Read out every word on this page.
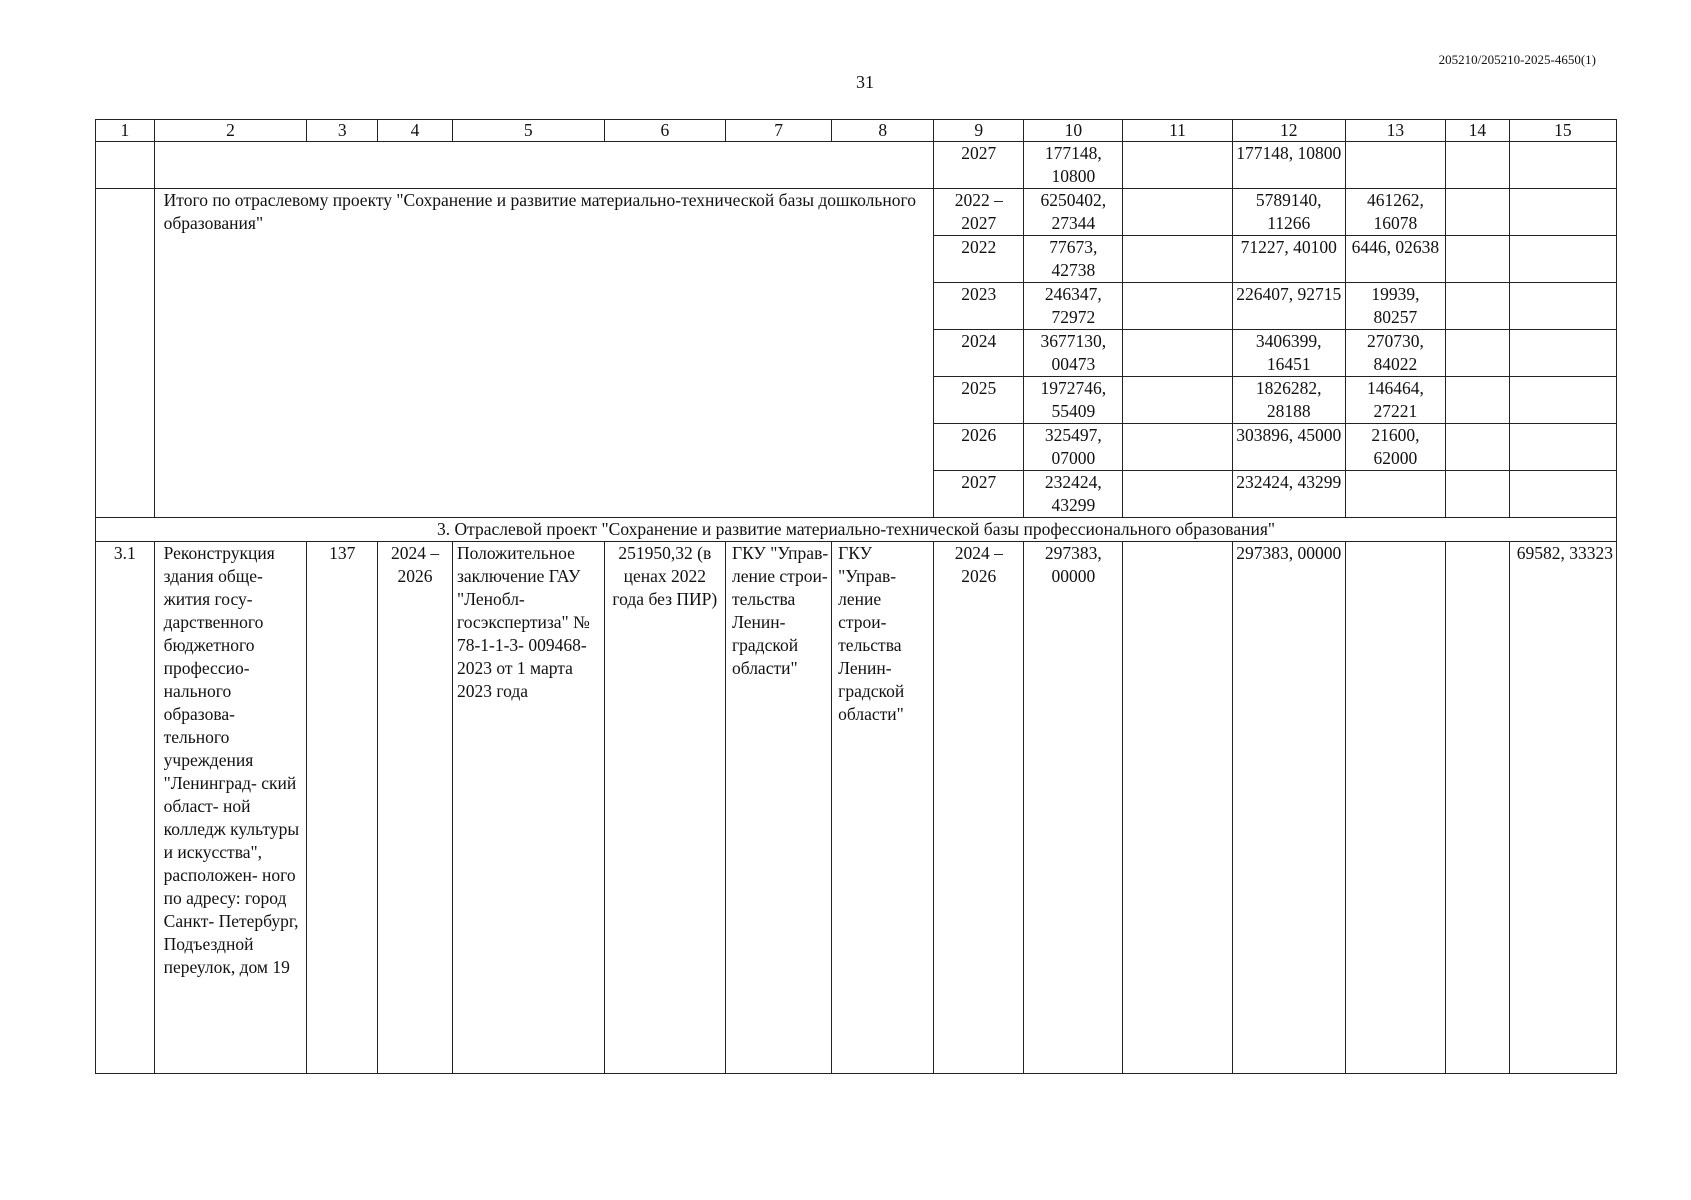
205210/205210-2025-4650(1)
31
1	2	3	4	5	6	7	8	9	10	11	12	13	14	15
								2027	177148, 10800		177148, 10800			
	Итого по отраслевому проекту "Сохранение и развитие материально-технической базы дошкольного образования"							2022 – 2027	6250402, 27344		5789140, 11266	461262, 16078		
								2022	77673, 42738		71227, 40100	6446, 02638		
								2023	246347, 72972		226407, 92715	19939, 80257		
								2024	3677130, 00473		3406399, 16451	270730, 84022		
								2025	1972746, 55409		1826282, 28188	146464, 27221		
								2026	325497, 07000		303896, 45000	21600, 62000		
								2027	232424, 43299		232424, 43299			
3. Отраслевой проект "Сохранение и развитие материально-технической базы профессионального образования"														
3.1	Реконструкция здания обще- жития госу- дарственного бюджетного профессио- нального образова- тельного учреждения "Ленинград- ский област- ной колледж культуры и искусства", расположен- ного по адресу: город Санкт- Петербург, Подъездной переулок, дом 19	137	2024 – 2026	Положительное заключение ГАУ "Ленобл- госэкспертиза" № 78-1-1-3- 009468-2023 от 1 марта 2023 года	251950,32 (в ценах 2022 года без ПИР)	ГКУ "Управ- ление строи- тельства Ленин- градской области"	ГКУ "Управ- ление строи- тельства Ленин- градской области"	2024 – 2026	297383, 00000		297383, 00000			69582, 33323
